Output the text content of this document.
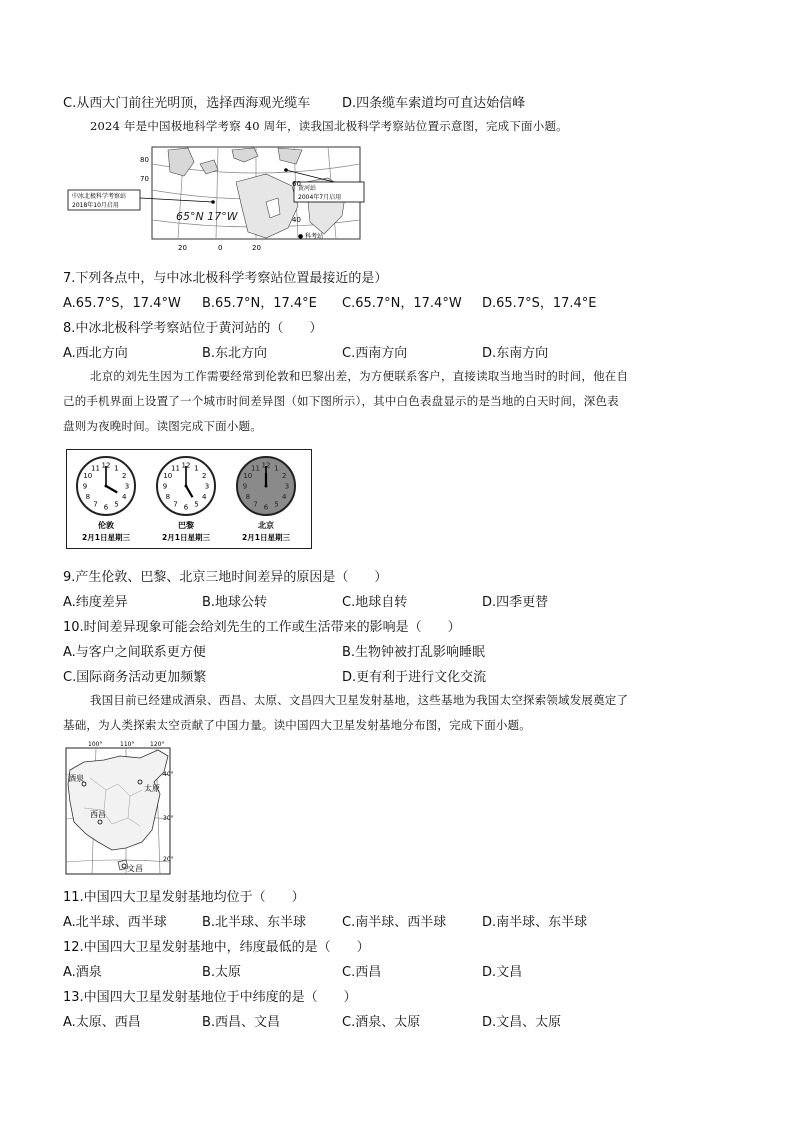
C.从西大门前往光明顶，选择西海观光缆车 D.四条缆车索道均可直达始信峰
2024 年是中国极地科学考察 40 周年，读我国北极科学考察站位置示意图，完成下面小题。
中冰北极科学考察站
2018年10月启用
黄河站
2004年7月启用
80
70
60
40
20	0	20
65°N 17°W
● 科考站
7.下列各点中，与中冰北极科学考察站位置最接近的是）
A.65.7°S，17.4°W B.65.7°N，17.4°E C.65.7°N，17.4°W D.65.7°S，17.4°E
8.中冰北极科学考察站位于黄河站的（　　）
A.西北方向	B.东北方向	C.西南方向	D.东南方向
北京的刘先生因为工作需要经常到伦敦和巴黎出差，为方便联系客户，直接读取当地当时的时间，他在自
己的手机界面上设置了一个城市时间差异图（如下图所示），其中白色表盘显示的是当地的白天时间，深色表
盘则为夜晚时间。读图完成下面小题。
12 1
2
3
4
5
6
7
8
9
10
11
伦敦
2月1日星期三
12 1
2
3
4
5
6
7
8
9
10
11
巴黎
2月1日星期三
12 1
2
3
4
5
6
7
8
9
10
11
北京
2月1日星期三
9.产生伦敦、巴黎、北京三地时间差异的原因是（　　）
A.纬度差异	B.地球公转	C.地球自转	D.四季更替
10.时间差异现象可能会给刘先生的工作或生活带来的影响是（　　）
A.与客户之间联系更方便	B.生物钟被打乱影响睡眠
C.国际商务活动更加频繁	D.更有利于进行文化交流
我国目前已经建成酒泉、西昌、太原、文昌四大卫星发射基地，这些基地为我国太空探索领域发展奠定了
基础，为人类探索太空贡献了中国力量。读中国四大卫星发射基地分布图，完成下面小题。
酒泉
太原
西昌
文昌
100°	110°	120°
40°
30°
20°
11.中国四大卫星发射基地均位于（　　）
A.北半球、西半球	B.北半球、东半球	C.南半球、西半球	D.南半球、东半球
12.中国四大卫星发射基地中，纬度最低的是（　　）
A.酒泉	B.太原	C.西昌	D.文昌
13.中国四大卫星发射基地位于中纬度的是（　　）
A.太原、西昌	B.西昌、文昌	C.酒泉、太原	D.文昌、太原
